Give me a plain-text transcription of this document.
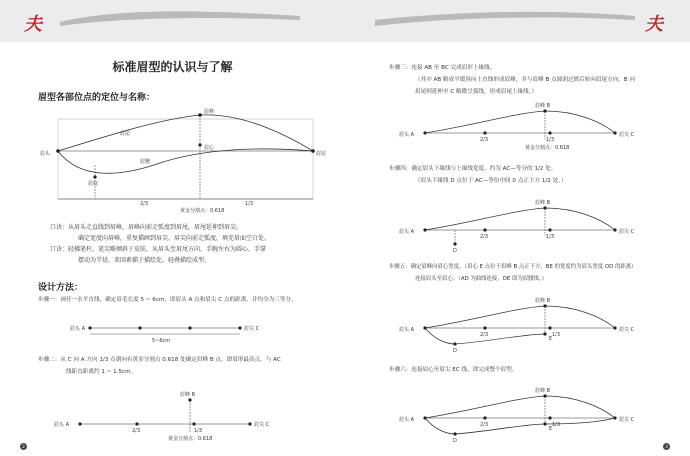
夫
标准眉型的认识与了解
眉型各部位点的定位与名称：
眉峰
眉尾
眉头
眉心
眉尾
眉腰
眉底
2/3	1/3
黄金分割点：0.618
口诀：从眉头走直线到眉峰，眉峰向前走弧度到眉尾，眉尾延伸到眉尖。
确定宽度向眉峰，重复描画到眉尖，眉尖向前走弧度，填充眉面空白处。
口诀：轻拂笔杆，笔尖略倾斜于皮肤，从眉头至眉尾方向，手腕左右为圆心，手掌
摆动为半径，来回素描于描绘处，轻叠描绘成型。
设计方法：
步骤一：画任一水平直线，确定眉毛长度 5 ~ 6cm，即眉头 A 点和眉尖 C 点的距离，并均分为三等分。
眉头 A	眉尖 C
5~6cm
步骤二：从 C 向 A 方向 1/3 点朝向有黄金分割点 0.618 处确定眉峰 B 点，即眉形最高点。与 AC
线距直距离约 1 ~ 1.5cm。
眉峰 B
眉头 A	眉尖 C
2/3	1/3
黄金分割点：0.618
2
夫
步骤三：连接 AB 至 BC 完成眉形上缘线。
（其中 AB 略成平缓斜向上直线形成眉峰，并与眉峰 B 点圆润过渡后转向眉尾方向，B 向
眉尾则延伸至 C 略微呈弧线，形成眉尾上缘线。）
眉峰 B
眉头 A	眉尖 C
2/3	1/3
黄金分割点：0.618
步骤四：确定眉头下缘线与上缘线宽度，约为 AC—等分的 1/2 处。
（眉头下缘线 D 点位于 AC—等份中间 0 点正下方 1/2 处。）
眉峰 B
眉头 A	眉尖 C
D
2/3	1/3
步骤五：确定眉峰向眉心宽度。（眉心 E 点位于眉峰 B 点正下方，BE 的宽度约为眉头宽度 OD 的距离）
连接眉头至眉心。（AD 为曲线连接，DE 即为眉腰线。）
眉峰 B
眉头 A	眉尖 C
D
E
2/3	1/3
步骤六：连接眉心至眉尖 EC 线，即完成整个眉型。
眉峰 B
眉头 A	眉尖 C
D
E
2/3	1/3
3
